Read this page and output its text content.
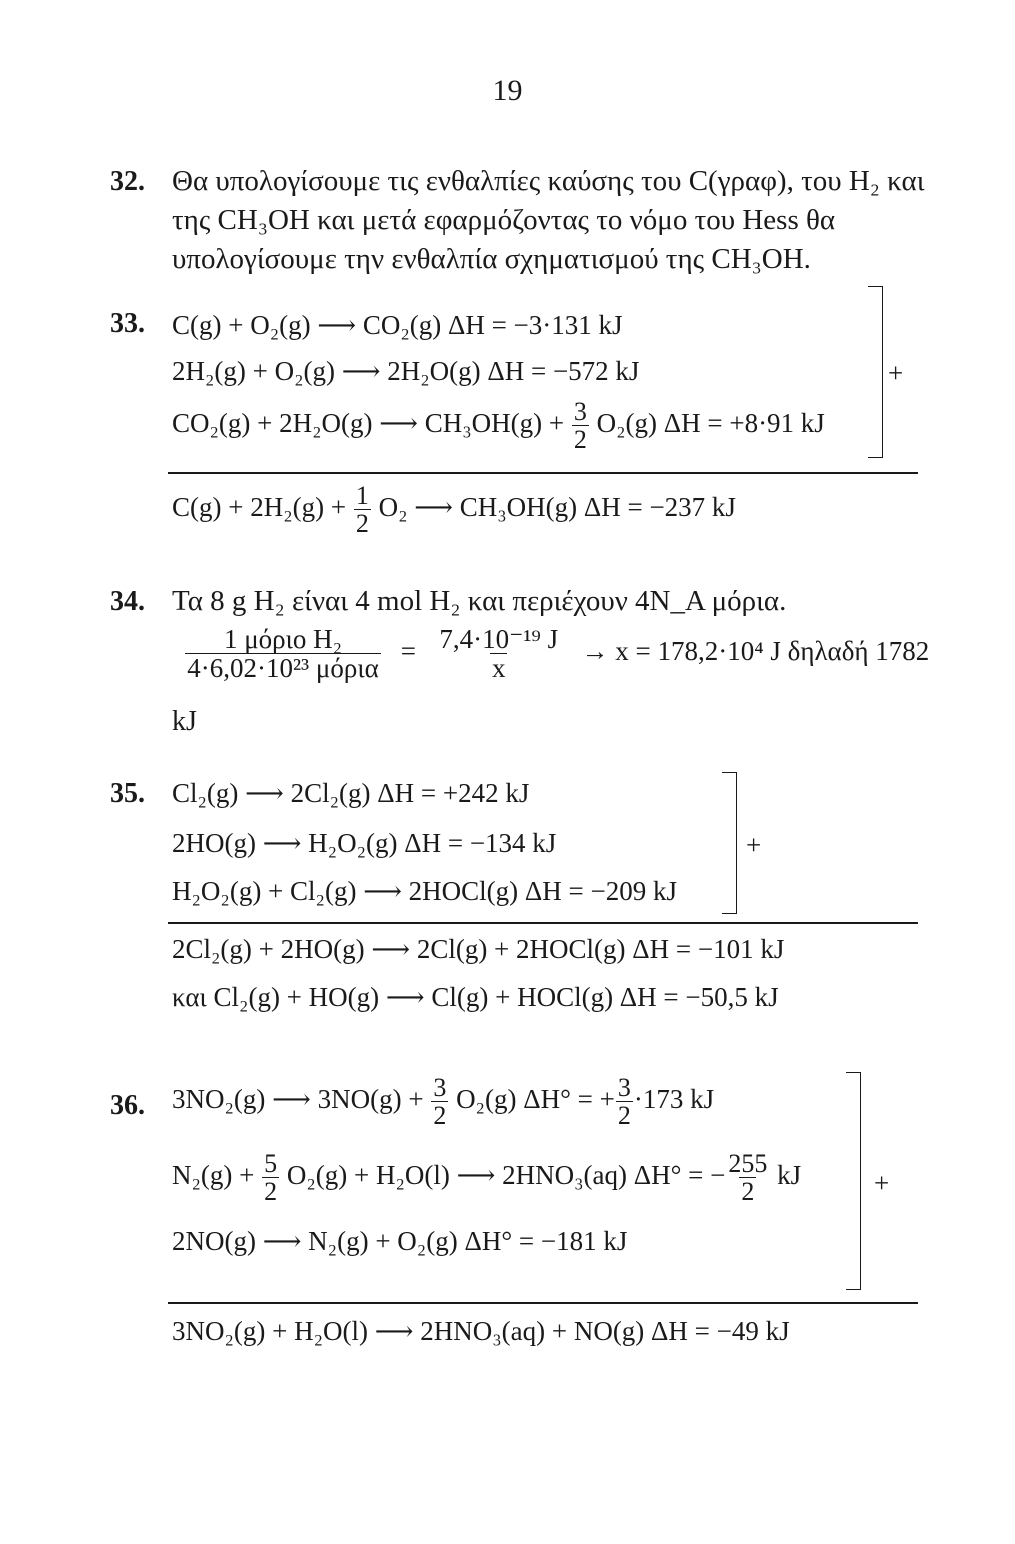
19
32. Θα υπολογίσουμε τις ενθαλπίες καύσης του C(γραφ), του H₂ και της CH₃OH και μετά εφαρμόζοντας το νόμο του Hess θα υπολογίσουμε την ενθαλπία σχηματισμού της CH₃OH.
33. C(g) + O₂(g) ⟶ CO₂(g) ΔH = −3·131 kJ
2H₂(g) + O₂(g) ⟶ 2H₂O(g) ΔH = −572 kJ
CO₂(g) + 2H₂O(g) ⟶ $CH_3OH(g) + \frac{3}{2} O_2(g) \Delta H = +8\cdot 91$ kJ
+
$C(g) + 2H_2(g) + \frac{1}{2} O_2$ ⟶ CH₃OH(g) ΔH = −237 kJ
34. Τα 8 g H₂ είναι 4 mol H₂ και περιέχουν 4N_A μόρια.
$\frac{\text{1 μόριο H₂}}{\text{4·6,02·10²³ μόρια}} = \frac{\text{7,4·10⁻¹⁹ J}}{x} \to x = 178,2\cdot 10^4$ J δηλαδή 1782
kJ
35. Cl₂(g) ⟶ 2Cl₂(g) ΔH = +242 kJ
2HO(g) ⟶ H₂O₂(g) ΔH = −134 kJ
H₂O₂(g) + Cl₂(g) ⟶ 2HOCl(g) ΔH = −209 kJ
+
2Cl₂(g) + 2HO(g) ⟶ 2Cl(g) + 2HOCl(g) ΔH = −101 kJ
και Cl₂(g) + HO(g) ⟶ Cl(g) + HOCl(g) ΔH = −50,5 kJ
36. 3NO₂(g) ⟶ $3NO(g) + \frac{3}{2} O_2(g) \Delta H^\circ$ = + $\frac{3}{2} \cdot 173$ kJ
$N_2(g) + \frac{5}{2} O_2(g) + H_2O(l)$ ⟶ 2HNO₃(aq) ΔH° = − $\frac{255}{2}$ kJ
2NO(g) ⟶ N₂(g) + O₂(g) ΔH° = −181 kJ
+
3NO₂(g) + H₂O(l) ⟶ 2HNO₃(aq) + NO(g) ΔH = −49 kJ
